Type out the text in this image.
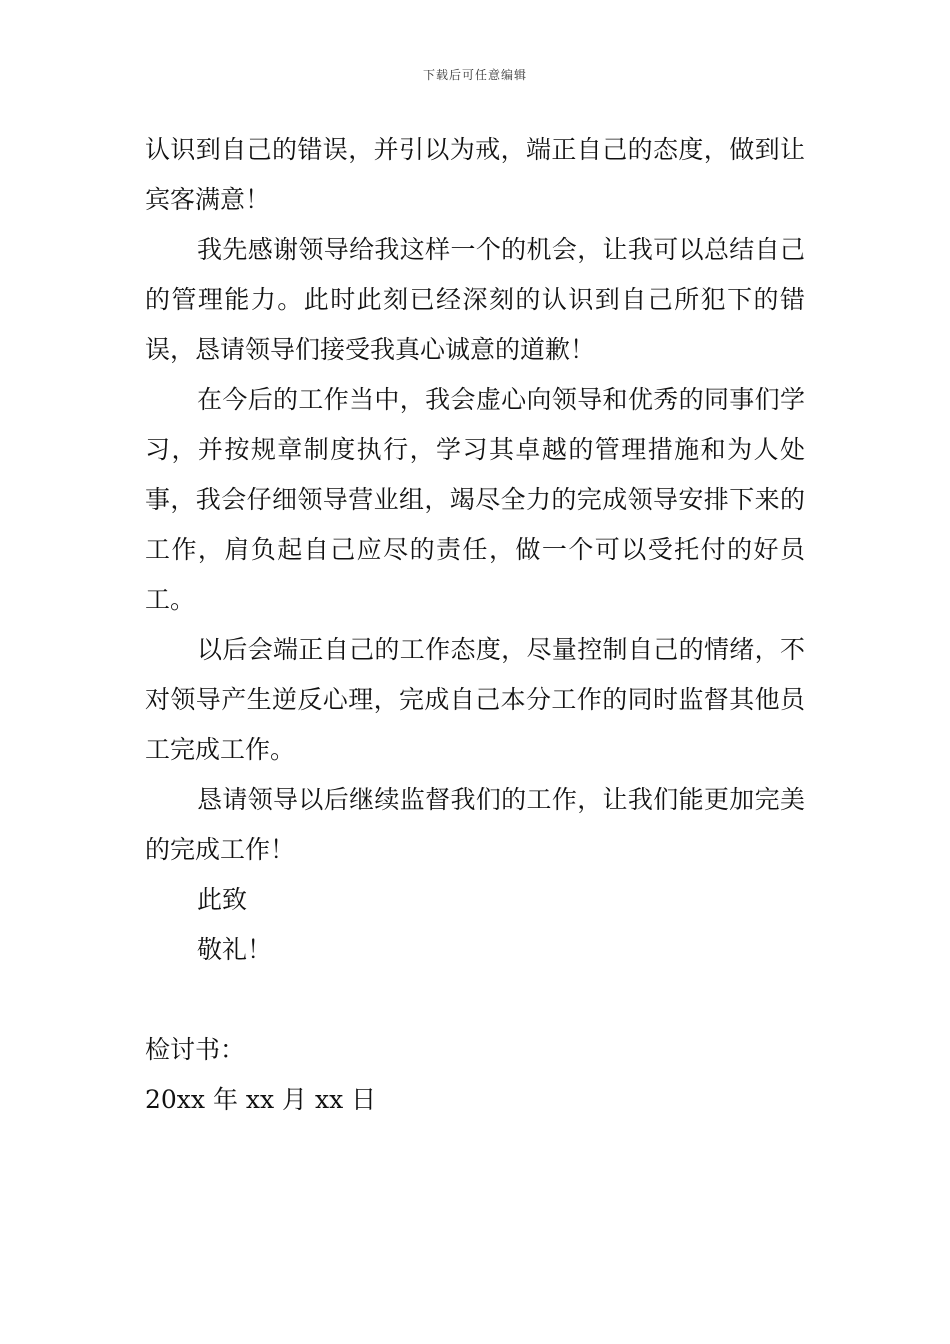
下载后可任意编辑

认识到自己的错误，并引以为戒，端正自己的态度，做到让宾客满意！

我先感谢领导给我这样一个的机会，让我可以总结自己的管理能力。此时此刻已经深刻的认识到自己所犯下的错误，恳请领导们接受我真心诚意的道歉！

在今后的工作当中，我会虚心向领导和优秀的同事们学习，并按规章制度执行，学习其卓越的管理措施和为人处事，我会仔细领导营业组，竭尽全力的完成领导安排下来的工作，肩负起自己应尽的责任，做一个可以受托付的好员工。

以后会端正自己的工作态度，尽量控制自己的情绪，不对领导产生逆反心理，完成自己本分工作的同时监督其他员工完成工作。

恳请领导以后继续监督我们的工作，让我们能更加完美的完成工作！

此致

敬礼！

检讨书：

20xx 年 xx 月 xx 日
